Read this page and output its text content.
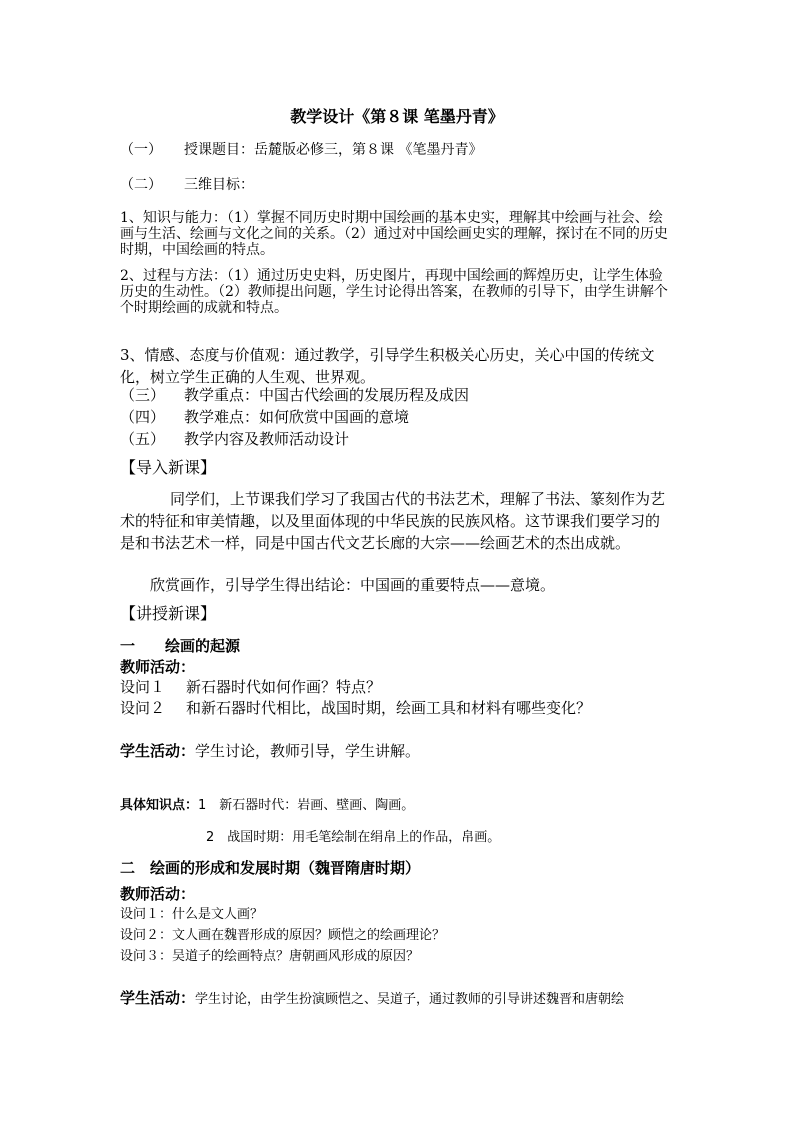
教学设计《第８课 笔墨丹青》
（一） 授课题目：岳麓版必修三，第８课 《笔墨丹青》
（二） 三维目标：
1、知识与能力：（1）掌握不同历史时期中国绘画的基本史实，理解其中绘画与社会、绘画与生活、绘画与文化之间的关系。（2）通过对中国绘画史实的理解，探讨在不同的历史时期，中国绘画的特点。
2、过程与方法：（1）通过历史史料，历史图片，再现中国绘画的辉煌历史，让学生体验历史的生动性。（2）教师提出问题，学生讨论得出答案，在教师的引导下，由学生讲解个个时期绘画的成就和特点。
3、情感、态度与价值观：通过教学，引导学生积极关心历史，关心中国的传统文化，树立学生正确的人生观、世界观。
（三） 教学重点：中国古代绘画的发展历程及成因
（四） 教学难点：如何欣赏中国画的意境
（五） 教学内容及教师活动设计
【导入新课】
同学们，上节课我们学习了我国古代的书法艺术，理解了书法、篆刻作为艺术的特征和审美情趣，以及里面体现的中华民族的民族风格。这节课我们要学习的是和书法艺术一样，同是中国古代文艺长廊的大宗——绘画艺术的杰出成就。
欣赏画作，引导学生得出结论：中国画的重要特点——意境。
【讲授新课】
一　　绘画的起源
教师活动：
设问１ 新石器时代如何作画？特点？
设问２ 和新石器时代相比，战国时期，绘画工具和材料有哪些变化？
学生活动：学生讨论，教师引导，学生讲解。
具体知识点：1　新石器时代：岩画、壁画、陶画。
2　战国时期：用毛笔绘制在绢帛上的作品，帛画。
二　绘画的形成和发展时期（魏晋隋唐时期）
教师活动：
设问１：什么是文人画？
设问２：文人画在魏晋形成的原因？顾恺之的绘画理论？
设问３：吴道子的绘画特点？唐朝画风形成的原因？
学生活动：学生讨论，由学生扮演顾恺之、吴道子，通过教师的引导讲述魏晋和唐朝绘
